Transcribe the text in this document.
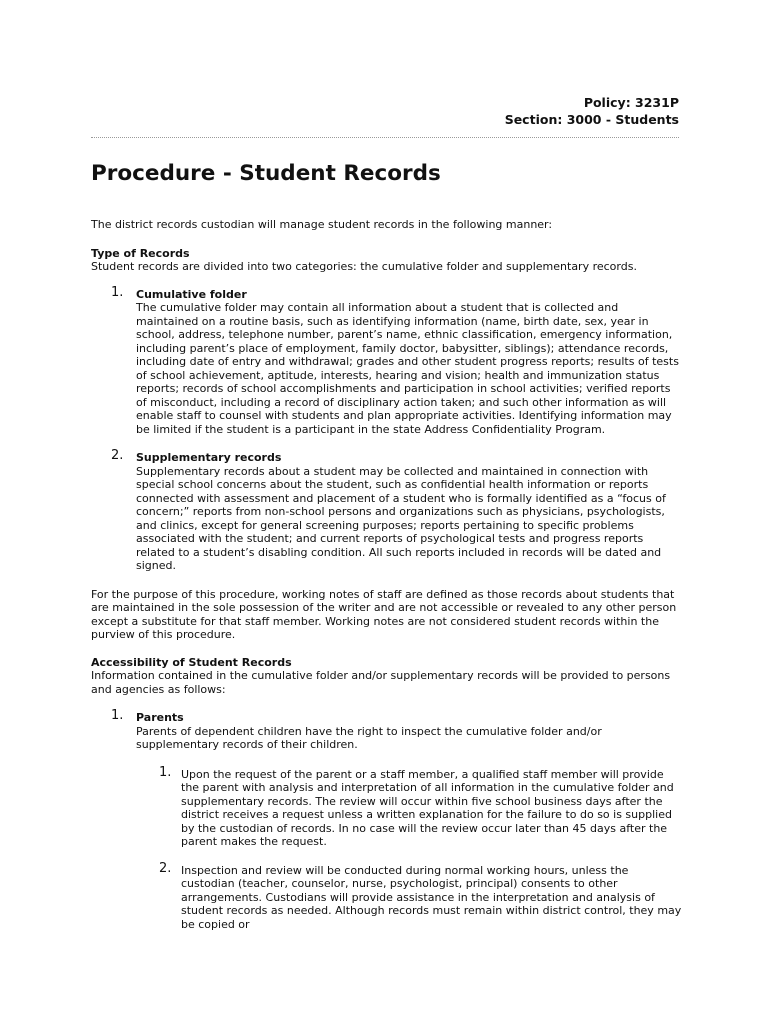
Policy: 3231P
Section: 3000 - Students
Procedure - Student Records

The district records custodian will manage student records in the following manner:

Type of Records

Student records are divided into two categories: the cumulative folder and supplementary records.

1. Cumulative folder

The cumulative folder may contain all information about a student that is collected and maintained on a routine basis, such as identifying information (name, birth date, sex, year in school, address, telephone number, parent’s name, ethnic classification, emergency information, including parent’s place of employment, family doctor, babysitter, siblings); attendance records, including date of entry and withdrawal; grades and other student progress reports; results of tests of school achievement, aptitude, interests, hearing and vision; health and immunization status reports; records of school accomplishments and participation in school activities; verified reports of misconduct, including a record of disciplinary action taken; and such other information as will enable staff to counsel with students and plan appropriate activities. Identifying information may be limited if the student is a participant in the state Address Confidentiality Program.

2. Supplementary records

Supplementary records about a student may be collected and maintained in connection with special school concerns about the student, such as confidential health information or reports connected with assessment and placement of a student who is formally identified as a “focus of concern;” reports from non-school persons and organizations such as physicians, psychologists, and clinics, except for general screening purposes; reports pertaining to specific problems associated with the student; and current reports of psychological tests and progress reports related to a student’s disabling condition. All such reports included in records will be dated and signed.

For the purpose of this procedure, working notes of staff are defined as those records about students that are maintained in the sole possession of the writer and are not accessible or revealed to any other person except a substitute for that staff member. Working notes are not considered student records within the purview of this procedure.

Accessibility of Student Records

Information contained in the cumulative folder and/or supplementary records will be provided to persons and agencies as follows:

1. Parents

Parents of dependent children have the right to inspect the cumulative folder and/or supplementary records of their children.

1. Upon the request of the parent or a staff member, a qualified staff member will provide the parent with analysis and interpretation of all information in the cumulative folder and supplementary records. The review will occur within five school business days after the district receives a request unless a written explanation for the failure to do so is supplied by the custodian of records. In no case will the review occur later than 45 days after the parent makes the request.

2. Inspection and review will be conducted during normal working hours, unless the custodian (teacher, counselor, nurse, psychologist, principal) consents to other arrangements. Custodians will provide assistance in the interpretation and analysis of student records as needed. Although records must remain within district control, they may be copied or
